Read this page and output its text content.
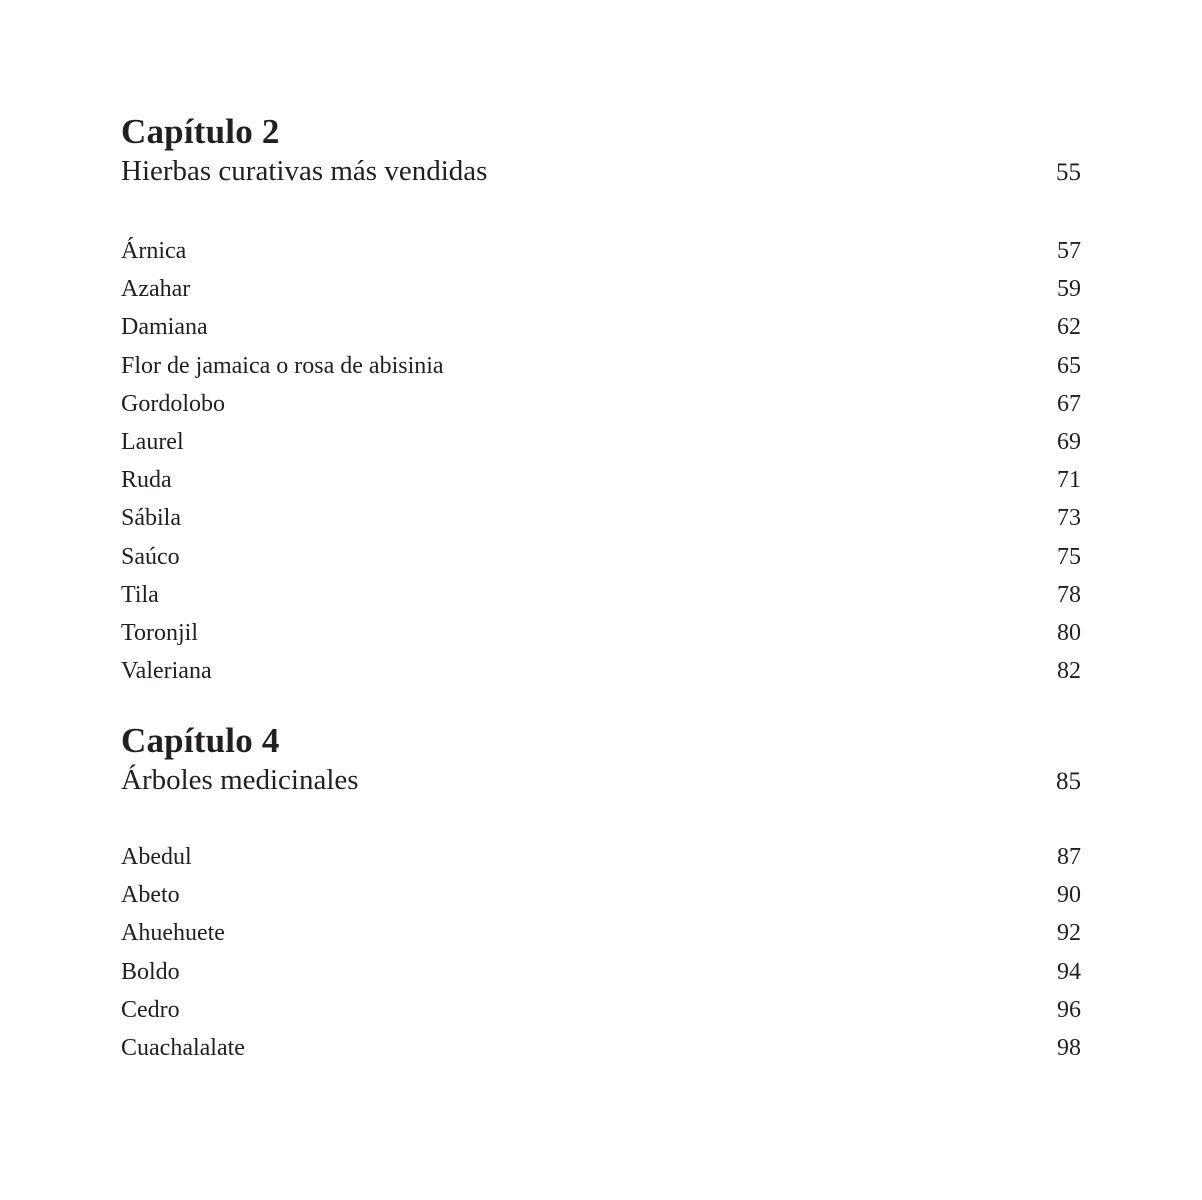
Capítulo 2
Hierbas curativas más vendidas	55
Árnica	57
Azahar	59
Damiana	62
Flor de jamaica o rosa de abisinia	65
Gordolobo	67
Laurel	69
Ruda	71
Sábila	73
Saúco	75
Tila	78
Toronjil	80
Valeriana	82
Capítulo 4
Árboles medicinales	85
Abedul	87
Abeto	90
Ahuehuete	92
Boldo	94
Cedro	96
Cuachalalate	98
